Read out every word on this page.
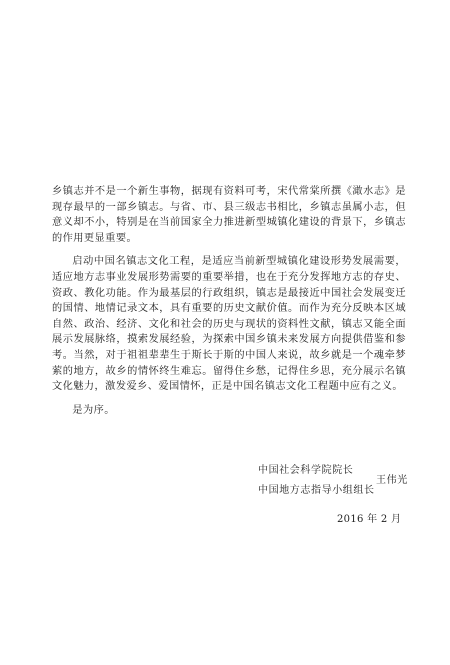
乡镇志并不是一个新生事物，据现有资料可考，宋代常棠所撰《澉水志》是现存最早的一部乡镇志。与省、市、县三级志书相比，乡镇志虽属小志，但意义却不小，特别是在当前国家全力推进新型城镇化建设的背景下，乡镇志的作用更显重要。

启动中国名镇志文化工程，是适应当前新型城镇化建设形势发展需要，适应地方志事业发展形势需要的重要举措，也在于充分发挥地方志的存史、资政、教化功能。作为最基层的行政组织，镇志是最接近中国社会发展变迁的国情、地情记录文本，具有重要的历史文献价值。而作为充分反映本区域自然、政治、经济、文化和社会的历史与现状的资料性文献，镇志又能全面展示发展脉络，摸索发展经验，为探索中国乡镇未来发展方向提供借鉴和参考。当然，对于祖祖辈辈生于斯长于斯的中国人来说，故乡就是一个魂牵梦萦的地方，故乡的情怀终生难忘。留得住乡愁，记得住乡思，充分展示名镇文化魅力，激发爱乡、爱国情怀，正是中国名镇志文化工程题中应有之义。

是为序。

中国社会科学院院长
中国地方志指导小组组长
王伟光
2016 年 2 月
